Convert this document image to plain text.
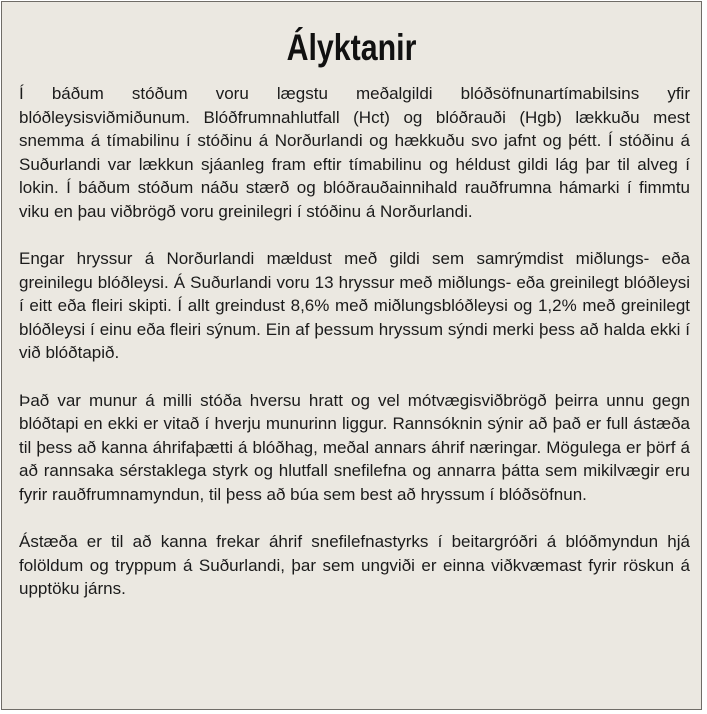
Ályktanir

Í báðum stóðum voru lægstu meðalgildi blóðsöfnunartímabilsins yfir blóðleysisviðmiðunum. Blóðfrumnahlutfall (Hct) og blóðrauði (Hgb) lækkuðu mest snemma á tímabilinu í stóðinu á Norðurlandi og hækkuðu svo jafnt og þétt. Í stóðinu á Suðurlandi var lækkun sjáanleg fram eftir tímabilinu og héldust gildi lág þar til alveg í lokin. Í báðum stóðum náðu stærð og blóðrauðainnihald rauðfrumna hámarki í fimmtu viku en þau viðbrögð voru greinilegri í stóðinu á Norðurlandi.

Engar hryssur á Norðurlandi mældust með gildi sem samrýmdist miðlungs- eða greinilegu blóðleysi. Á Suðurlandi voru 13 hryssur með miðlungs- eða greinilegt blóðleysi í eitt eða fleiri skipti. Í allt greindust 8,6% með miðlungsblóðleysi og 1,2% með greinilegt blóðleysi í einu eða fleiri sýnum. Ein af þessum hryssum sýndi merki þess að halda ekki í við blóðtapið.

Það var munur á milli stóða hversu hratt og vel mótvægisviðbrögð þeirra unnu gegn blóðtapi en ekki er vitað í hverju munurinn liggur. Rannsóknin sýnir að það er full ástæða til þess að kanna áhrifaþætti á blóðhag, meðal annars áhrif næringar. Mögulega er þörf á að rannsaka sérstaklega styrk og hlutfall snefilefna og annarra þátta sem mikilvægir eru fyrir rauðfrumnamyndun, til þess að búa sem best að hryssum í blóðsöfnun.

Ástæða er til að kanna frekar áhrif snefilefnastyrks í beitargróðri á blóðmyndun hjá folöldum og tryppum á Suðurlandi, þar sem ungviði er einna viðkvæmast fyrir röskun á upptöku járns.
